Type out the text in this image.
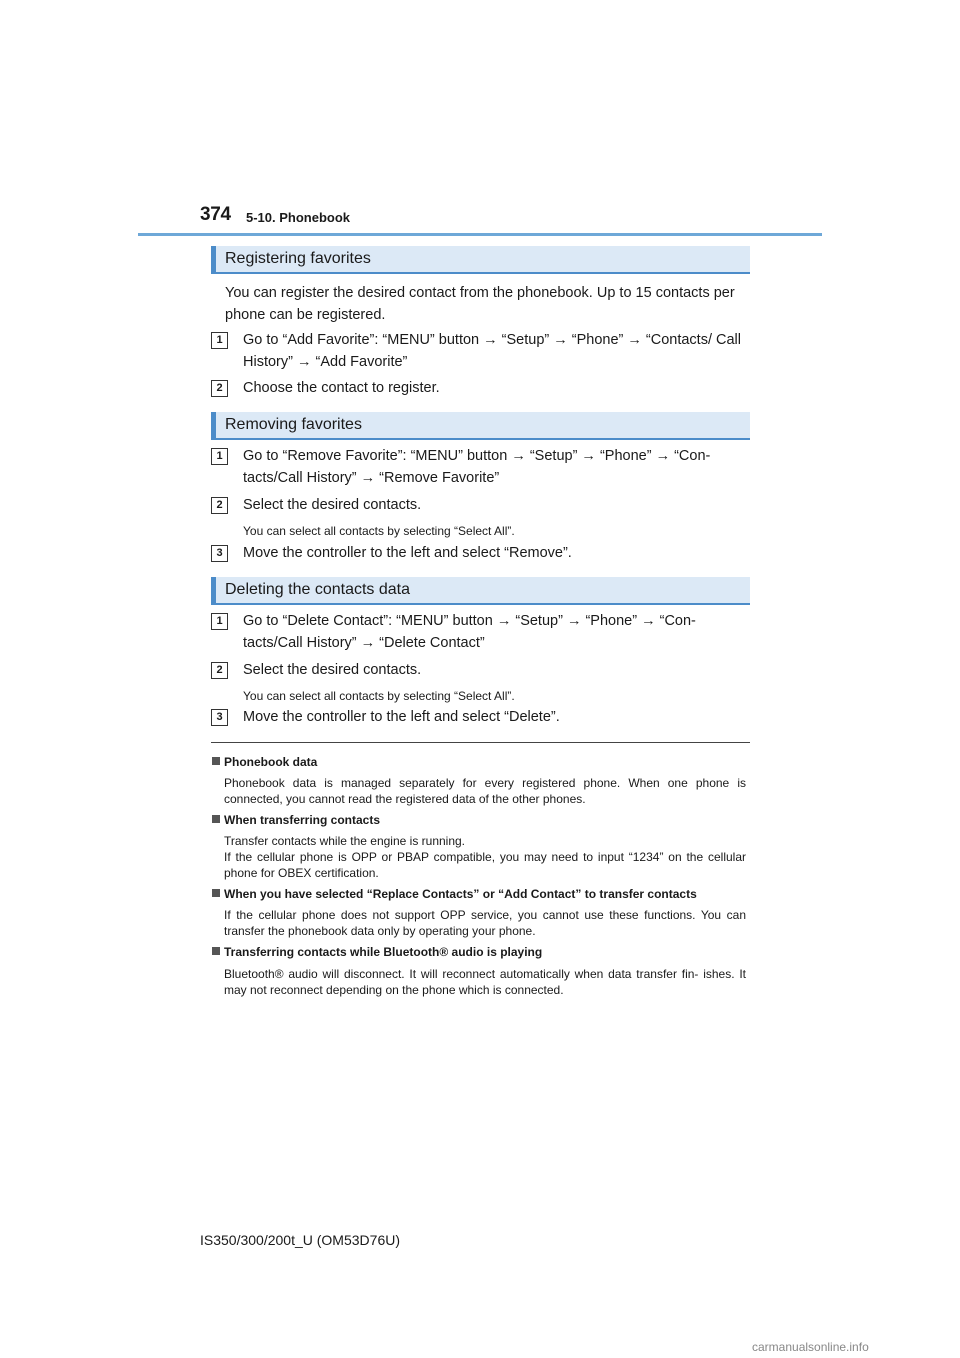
374 5-10. Phonebook
Registering favorites
You can register the desired contact from the phonebook. Up to 15 contacts per phone can be registered.
1	Go to “Add Favorite”: “MENU” button → “Setup” → “Phone” → “Contacts/ Call History” → “Add Favorite”
2	Choose the contact to register.
Removing favorites
1	Go to “Remove Favorite”: “MENU” button → “Setup” → “Phone” → “Con- tacts/Call History” → “Remove Favorite”
2	Select the desired contacts.
You can select all contacts by selecting “Select All”.
3	Move the controller to the left and select “Remove”.
Deleting the contacts data
1	Go to “Delete Contact”: “MENU” button → “Setup” → “Phone” → “Con- tacts/Call History” → “Delete Contact”
2	Select the desired contacts.
You can select all contacts by selecting “Select All”.
3	Move the controller to the left and select “Delete”.
Phonebook data

Phonebook data is managed separately for every registered phone. When one phone is connected, you cannot read the registered data of the other phones.

When transferring contacts

Transfer contacts while the engine is running.

If the cellular phone is OPP or PBAP compatible, you may need to input “1234” on the cellular phone for OBEX certification.

When you have selected “Replace Contacts” or “Add Contact” to transfer contacts

If the cellular phone does not support OPP service, you cannot use these functions. You can transfer the phonebook data only by operating your phone.

Transferring contacts while Bluetooth® audio is playing

Bluetooth® audio will disconnect. It will reconnect automatically when data transfer fin- ishes. It may not reconnect depending on the phone which is connected.

IS350/300/200t_U (OM53D76U)
carmanualsonline.info
